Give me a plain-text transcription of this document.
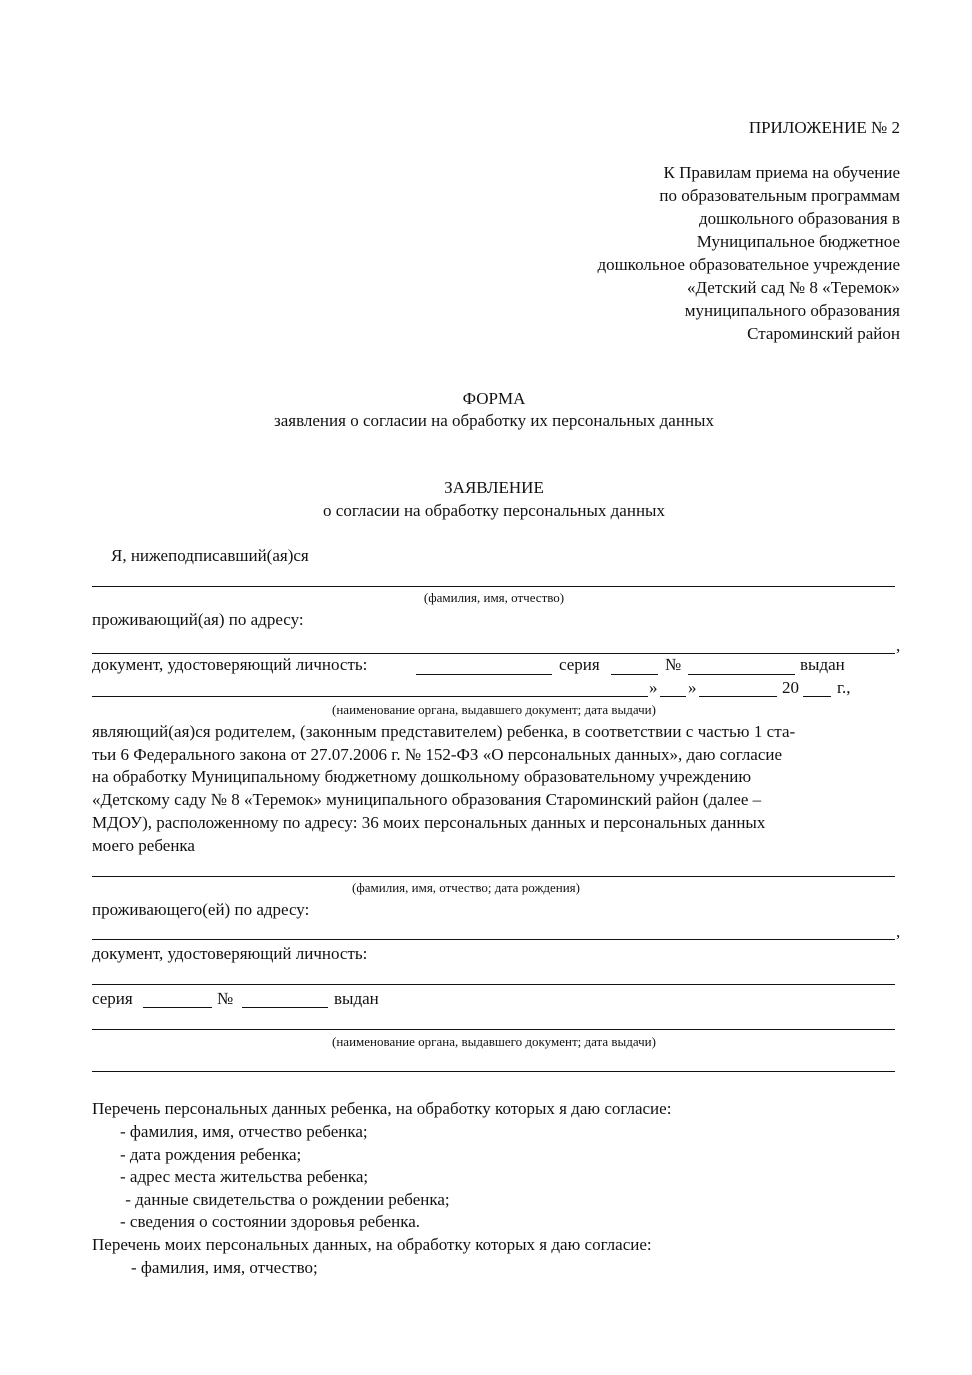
ПРИЛОЖЕНИЕ № 2
К Правилам приема на обучение
по образовательным программам
дошкольного образования в
Муниципальное бюджетное
дошкольное образовательное учреждение
«Детский сад № 8 «Теремок»
муниципального образования
Староминский район
ФОРМА
заявления о согласии на обработку их персональных данных
ЗАЯВЛЕНИЕ
о согласии на обработку персональных данных
Я, нижеподписавший(ая)ся
(фамилия, имя, отчество)
проживающий(ая) по адресу:
,
документ, удостоверяющий личность:	серия	№	выдан
» »	20 г.,
(наименование органа, выдавшего документ; дата выдачи)
являющий(ая)ся родителем, (законным представителем) ребенка, в соответствии с частью 1 ста-
тьи 6 Федерального закона от 27.07.2006 г. № 152-ФЗ «О персональных данных», даю согласие
на обработку Муниципальному бюджетному дошкольному образовательному учреждению
«Детскому саду № 8 «Теремок» муниципального образования Староминский район (далее –
МДОУ), расположенному по адресу: 36 моих персональных данных и персональных данных
моего ребенка
(фамилия, имя, отчество; дата рождения)
проживающего(ей) по адресу:
,
документ, удостоверяющий личность:
серия	№	выдан
(наименование органа, выдавшего документ; дата выдачи)
Перечень персональных данных ребенка, на обработку которых я даю согласие:
- фамилия, имя, отчество ребенка;
- дата рождения ребенка;
- адрес места жительства ребенка;
- данные свидетельства о рождении ребенка;
- сведения о состоянии здоровья ребенка.
Перечень моих персональных данных, на обработку которых я даю согласие:
- фамилия, имя, отчество;
